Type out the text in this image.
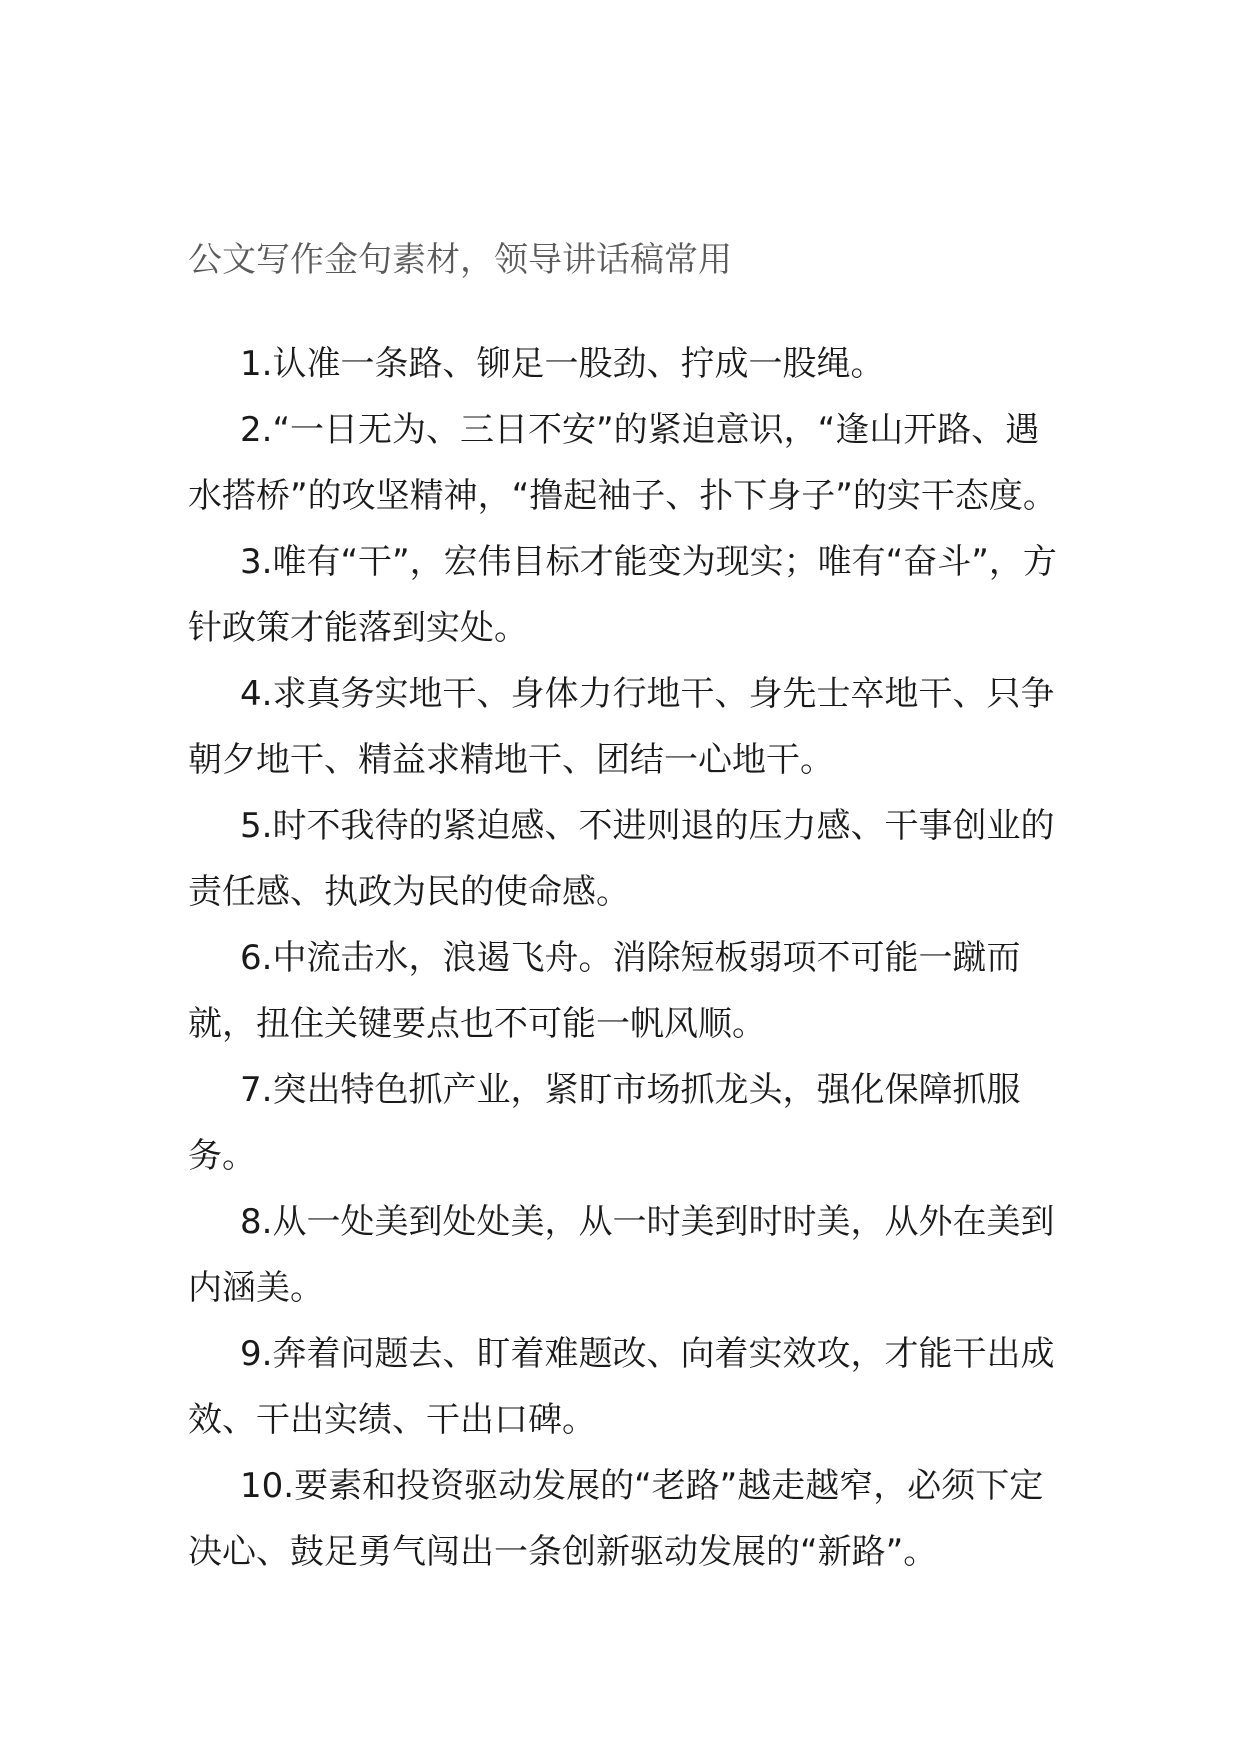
公文写作金句素材，领导讲话稿常用

1.认准一条路、铆足一股劲、拧成一股绳。

2.“一日无为、三日不安”的紧迫意识，“逢山开路、遇水搭桥”的攻坚精神，“撸起袖子、扑下身子”的实干态度。

3.唯有“干”，宏伟目标才能变为现实；唯有“奋斗”，方针政策才能落到实处。

4.求真务实地干、身体力行地干、身先士卒地干、只争朝夕地干、精益求精地干、团结一心地干。

5.时不我待的紧迫感、不进则退的压力感、干事创业的责任感、执政为民的使命感。

6.中流击水，浪遏飞舟。消除短板弱项不可能一蹴而就，扭住关键要点也不可能一帆风顺。

7.突出特色抓产业，紧盯市场抓龙头，强化保障抓服务。

8.从一处美到处处美，从一时美到时时美，从外在美到内涵美。

9.奔着问题去、盯着难题改、向着实效攻，才能干出成效、干出实绩、干出口碑。

10.要素和投资驱动发展的“老路”越走越窄，必须下定决心、鼓足勇气闯出一条创新驱动发展的“新路”。
